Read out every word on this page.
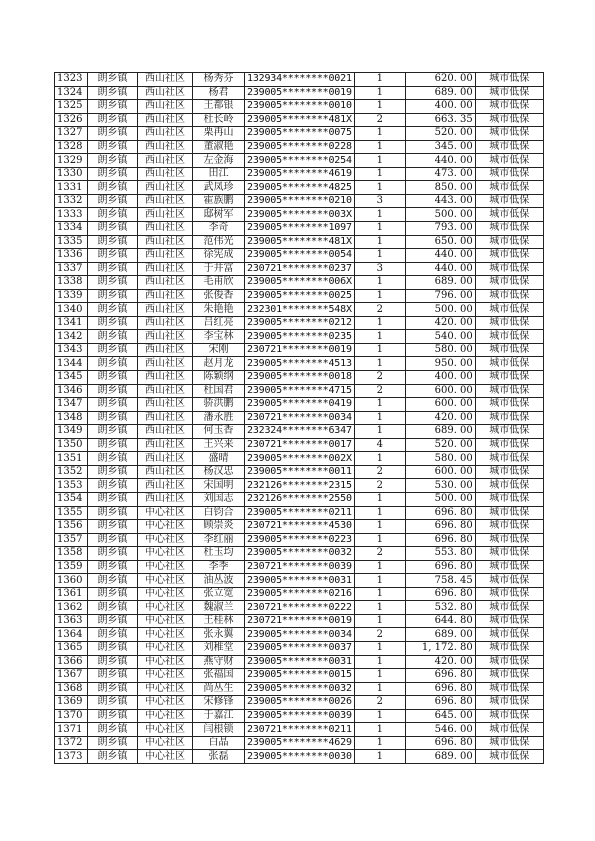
1323	朗乡镇	西山社区	杨秀芬	132934********0021	1	620. 00	城市低保
1324	朗乡镇	西山社区	杨君	239005********0019	1	689. 00	城市低保
1325	朗乡镇	西山社区	王都银	239005********0010	1	400. 00	城市低保
1326	朗乡镇	西山社区	杜长岭	239005********481X	2	663. 35	城市低保
1327	朗乡镇	西山社区	栗再山	239005********0075	1	520. 00	城市低保
1328	朗乡镇	西山社区	董淑艳	239005********0228	1	345. 00	城市低保
1329	朗乡镇	西山社区	左金海	239005********0254	1	440. 00	城市低保
1330	朗乡镇	西山社区	田江	239005********4619	1	473. 00	城市低保
1331	朗乡镇	西山社区	武凤珍	239005********4825	1	850. 00	城市低保
1332	朗乡镇	西山社区	霍族鹏	239005********0210	3	443. 00	城市低保
1333	朗乡镇	西山社区	邸树军	239005********003X	1	500. 00	城市低保
1334	朗乡镇	西山社区	李奇	239005********1097	1	793. 00	城市低保
1335	朗乡镇	西山社区	范伟光	239005********481X	1	650. 00	城市低保
1336	朗乡镇	西山社区	徐宪成	239005********0054	1	440. 00	城市低保
1337	朗乡镇	西山社区	于井富	230721********0237	3	440. 00	城市低保
1338	朗乡镇	西山社区	毛甫欣	239005********006X	1	689. 00	城市低保
1339	朗乡镇	西山社区	张俊香	239005********0025	1	796. 00	城市低保
1340	朗乡镇	西山社区	朱艳艳	232301********548X	2	500. 00	城市低保
1341	朗乡镇	西山社区	吕红亮	239005********0212	1	420. 00	城市低保
1342	朗乡镇	西山社区	李宝林	239005********0235	1	540. 00	城市低保
1343	朗乡镇	西山社区	宋刚	230721********0019	1	580. 00	城市低保
1344	朗乡镇	西山社区	赵月龙	239005********4513	1	950. 00	城市低保
1345	朗乡镇	西山社区	陈颖纲	239005********0018	2	400. 00	城市低保
1346	朗乡镇	西山社区	杜国君	239005********4715	2	600. 00	城市低保
1347	朗乡镇	西山社区	骄洪鹏	239005********0419	1	600. 00	城市低保
1348	朗乡镇	西山社区	潘永胜	230721********0034	1	420. 00	城市低保
1349	朗乡镇	西山社区	何玉香	232324********6347	1	689. 00	城市低保
1350	朗乡镇	西山社区	王兴来	230721********0017	4	520. 00	城市低保
1351	朗乡镇	西山社区	盛晴	239005********002X	1	580. 00	城市低保
1352	朗乡镇	西山社区	杨汉忠	239005********0011	2	600. 00	城市低保
1353	朗乡镇	西山社区	宋国明	232126********2315	2	530. 00	城市低保
1354	朗乡镇	西山社区	刘国志	232126********2550	1	500. 00	城市低保
1355	朗乡镇	中心社区	白钧合	239005********0211	1	696. 80	城市低保
1356	朗乡镇	中心社区	顾崇炎	230721********4530	1	696. 80	城市低保
1357	朗乡镇	中心社区	李红丽	239005********0223	1	696. 80	城市低保
1358	朗乡镇	中心社区	杜玉均	239005********0032	2	553. 80	城市低保
1359	朗乡镇	中心社区	李季	230721********0039	1	696. 80	城市低保
1360	朗乡镇	中心社区	油丛波	239005********0031	1	758. 45	城市低保
1361	朗乡镇	中心社区	张立宽	239005********0216	1	696. 80	城市低保
1362	朗乡镇	中心社区	魏淑兰	230721********0222	1	532. 80	城市低保
1363	朗乡镇	中心社区	王桂林	230721********0019	1	644. 80	城市低保
1364	朗乡镇	中心社区	张永翼	239005********0034	2	689. 00	城市低保
1365	朗乡镇	中心社区	刘稚堂	239005********0037	1	1, 172. 80	城市低保
1366	朗乡镇	中心社区	燕守财	239005********0031	1	420. 00	城市低保
1367	朗乡镇	中心社区	张福国	239005********0015	1	696. 80	城市低保
1368	朗乡镇	中心社区	尚丛生	239005********0032	1	696. 80	城市低保
1369	朗乡镇	中心社区	宋修锋	239005********0026	2	696. 80	城市低保
1370	朗乡镇	中心社区	于嘉江	239005********0039	1	645. 00	城市低保
1371	朗乡镇	中心社区	闫根锁	230721********0211	1	546. 00	城市低保
1372	朗乡镇	中心社区	白晶	239005********4629	1	696. 80	城市低保
1373	朗乡镇	中心社区	张磊	239005********0030	1	689. 00	城市低保
